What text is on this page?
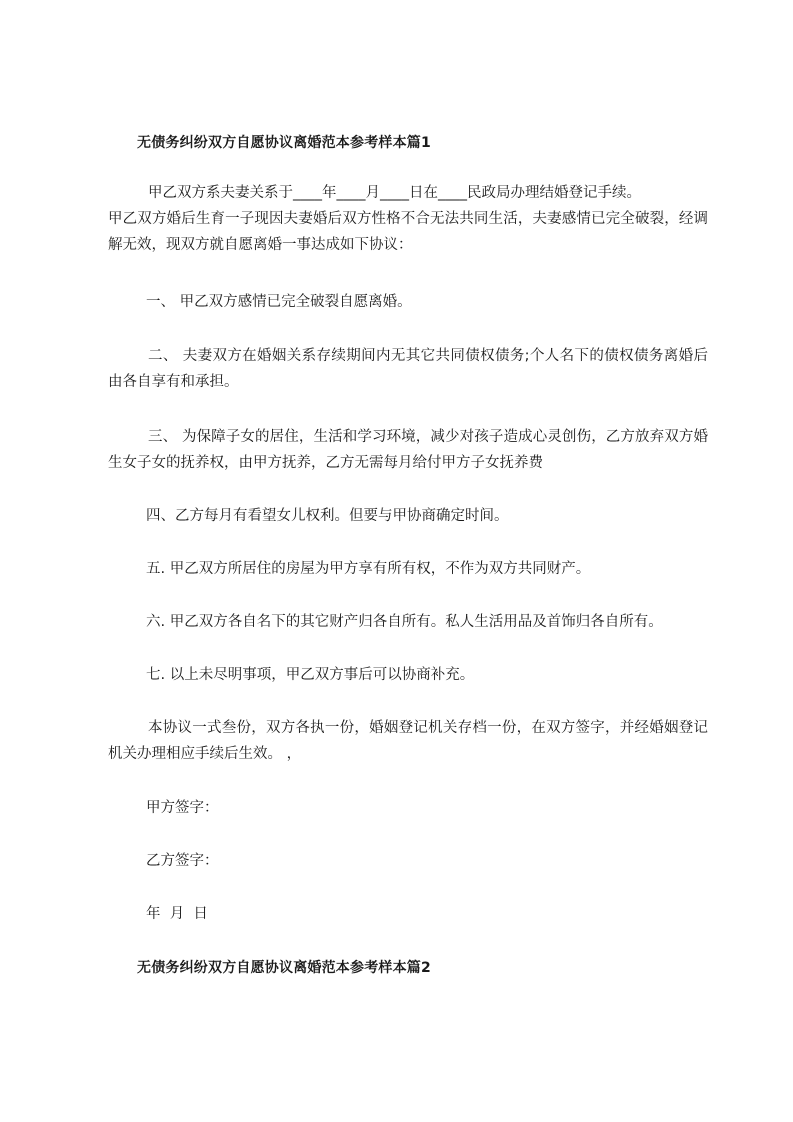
无债务纠纷双方自愿协议离婚范本参考样本篇1
甲乙双方系夫妻关系于____年____月____日在____民政局办理结婚登记手续。
甲乙双方婚后生育一子现因夫妻婚后双方性格不合无法共同生活，夫妻感情已完全破裂，经调解无效，现双方就自愿离婚一事达成如下协议：
一、 甲乙双方感情已完全破裂自愿离婚。
二、 夫妻双方在婚姻关系存续期间内无其它共同债权债务;个人名下的债权债务离婚后由各自享有和承担。
三、 为保障子女的居住，生活和学习环境，减少对孩子造成心灵创伤，乙方放弃双方婚生女子女的抚养权，由甲方抚养，乙方无需每月给付甲方子女抚养费
四、乙方每月有看望女儿权利。但要与甲协商确定时间。
五. 甲乙双方所居住的房屋为甲方享有所有权，不作为双方共同财产。
六. 甲乙双方各自名下的其它财产归各自所有。私人生活用品及首饰归各自所有。
七. 以上未尽明事项，甲乙双方事后可以协商补充。
本协议一式叁份，双方各执一份，婚姻登记机关存档一份，在双方签字，并经婚姻登记机关办理相应手续后生效。 ，
甲方签字：
乙方签字：
年  月  日
无债务纠纷双方自愿协议离婚范本参考样本篇2
